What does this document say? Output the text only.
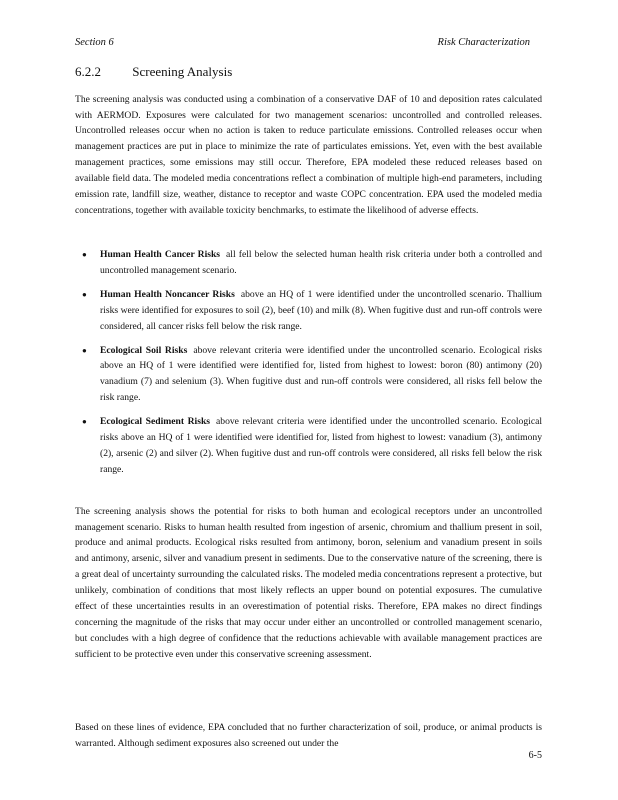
Section 6	Risk Characterization
6.2.2 Screening Analysis

The screening analysis was conducted using a combination of a conservative DAF of 10 and deposition rates calculated with AERMOD. Exposures were calculated for two management scenarios: uncontrolled and controlled releases. Uncontrolled releases occur when no action is taken to reduce particulate emissions. Controlled releases occur when management practices are put in place to minimize the rate of particulates emissions. Yet, even with the best available management practices, some emissions may still occur. Therefore, EPA modeled these reduced releases based on available field data. The modeled media concentrations reflect a combination of multiple high-end parameters, including emission rate, landfill size, weather, distance to receptor and waste COPC concentration. EPA used the modeled media concentrations, together with available toxicity benchmarks, to estimate the likelihood of adverse effects.

● Human Health Cancer Risks all fell below the selected human health risk criteria under both a controlled and uncontrolled management scenario.
● Human Health Noncancer Risks above an HQ of 1 were identified under the uncontrolled scenario. Thallium risks were identified for exposures to soil (2), beef (10) and milk (8). When fugitive dust and run-off controls were considered, all cancer risks fell below the risk range.
● Ecological Soil Risks above relevant criteria were identified under the uncontrolled scenario. Ecological risks above an HQ of 1 were identified were identified for, listed from highest to lowest: boron (80) antimony (20) vanadium (7) and selenium (3). When fugitive dust and run-off controls were considered, all risks fell below the risk range.
● Ecological Sediment Risks above relevant criteria were identified under the uncontrolled scenario. Ecological risks above an HQ of 1 were identified were identified for, listed from highest to lowest: vanadium (3), antimony (2), arsenic (2) and silver (2). When fugitive dust and run-off controls were considered, all risks fell below the risk range.

The screening analysis shows the potential for risks to both human and ecological receptors under an uncontrolled management scenario. Risks to human health resulted from ingestion of arsenic, chromium and thallium present in soil, produce and animal products. Ecological risks resulted from antimony, boron, selenium and vanadium present in soils and antimony, arsenic, silver and vanadium present in sediments. Due to the conservative nature of the screening, there is a great deal of uncertainty surrounding the calculated risks. The modeled media concentrations represent a protective, but unlikely, combination of conditions that most likely reflects an upper bound on potential exposures. The cumulative effect of these uncertainties results in an overestimation of potential risks. Therefore, EPA makes no direct findings concerning the magnitude of the risks that may occur under either an uncontrolled or controlled management scenario, but concludes with a high degree of confidence that the reductions achievable with available management practices are sufficient to be protective even under this conservative screening assessment.

Based on these lines of evidence, EPA concluded that no further characterization of soil, produce, or animal products is warranted. Although sediment exposures also screened out under the

6-5
